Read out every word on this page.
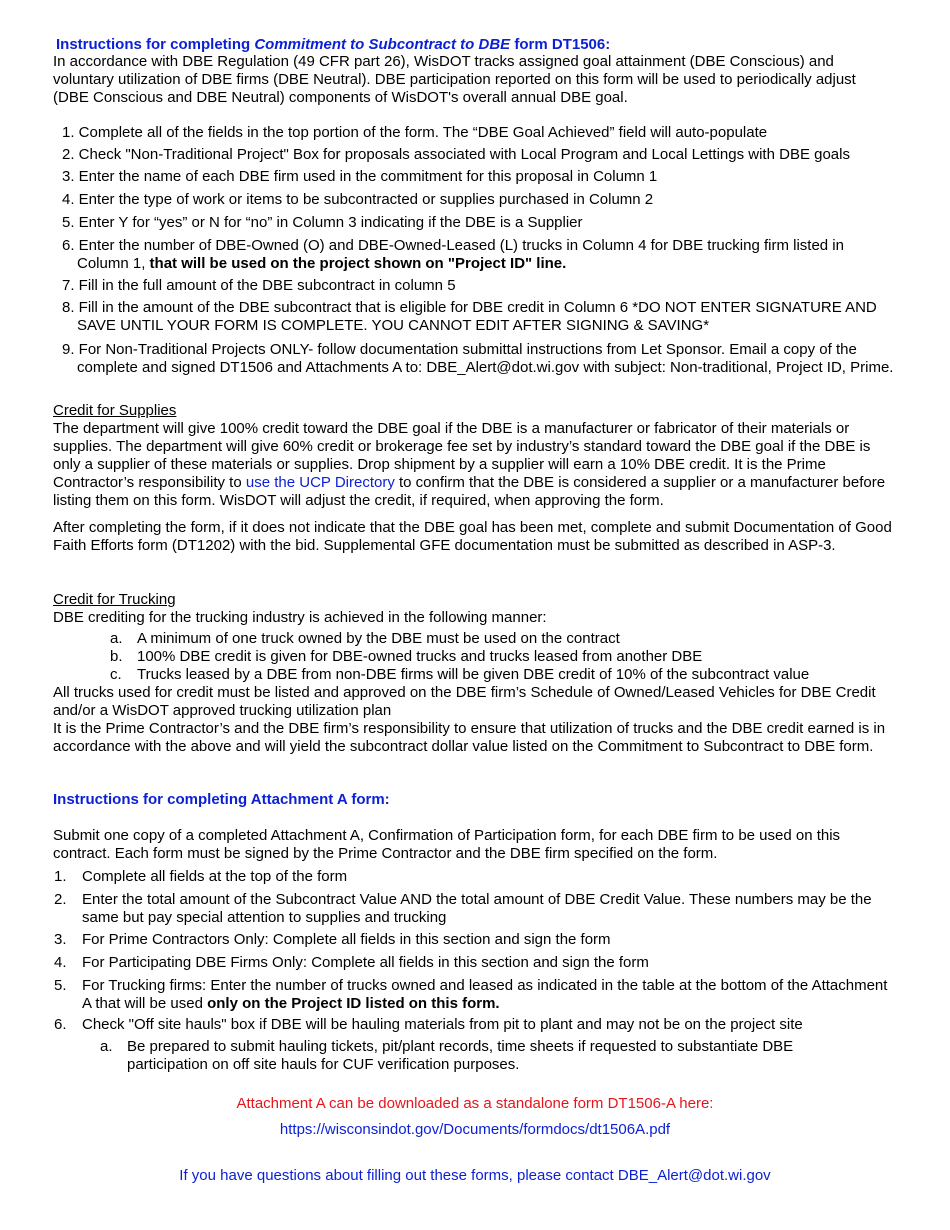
Instructions for completing Commitment to Subcontract to DBE form DT1506:

In accordance with DBE Regulation (49 CFR part 26), WisDOT tracks assigned goal attainment (DBE Conscious) and voluntary utilization of DBE firms (DBE Neutral). DBE participation reported on this form will be used to periodically adjust (DBE Conscious and DBE Neutral) components of WisDOT's overall annual DBE goal.

1. Complete all of the fields in the top portion of the form. The “DBE Goal Achieved” field will auto-populate
2. Check "Non-Traditional Project" Box for proposals associated with Local Program and Local Lettings with DBE goals
3. Enter the name of each DBE firm used in the commitment for this proposal in Column 1
4. Enter the type of work or items to be subcontracted or supplies purchased in Column 2
5. Enter Y for “yes” or N for “no” in Column 3 indicating if the DBE is a Supplier
6. Enter the number of DBE-Owned (O) and DBE-Owned-Leased (L) trucks in Column 4 for DBE trucking firm listed in Column 1, that will be used on the project shown on "Project ID" line.
7. Fill in the full amount of the DBE subcontract in column 5
8. Fill in the amount of the DBE subcontract that is eligible for DBE credit in Column 6 *DO NOT ENTER SIGNATURE AND SAVE UNTIL YOUR FORM IS COMPLETE. YOU CANNOT EDIT AFTER SIGNING & SAVING*
9. For Non-Traditional Projects ONLY- follow documentation submittal instructions from Let Sponsor. Email a copy of the complete and signed DT1506 and Attachments A to: DBE_Alert@dot.wi.gov with subject: Non-traditional, Project ID, Prime.
Credit for Supplies
The department will give 100% credit toward the DBE goal if the DBE is a manufacturer or fabricator of their materials or supplies. The department will give 60% credit or brokerage fee set by industry’s standard toward the DBE goal if the DBE is only a supplier of these materials or supplies. Drop shipment by a supplier will earn a 10% DBE credit. It is the Prime Contractor’s responsibility to use the UCP Directory to confirm that the DBE is considered a supplier or a manufacturer before listing them on this form. WisDOT will adjust the credit, if required, when approving the form.
After completing the form, if it does not indicate that the DBE goal has been met, complete and submit Documentation of Good Faith Efforts form (DT1202) with the bid. Supplemental GFE documentation must be submitted as described in ASP-3.
Credit for Trucking
DBE crediting for the trucking industry is achieved in the following manner:
a. A minimum of one truck owned by the DBE must be used on the contract
b. 100% DBE credit is given for DBE-owned trucks and trucks leased from another DBE
c. Trucks leased by a DBE from non-DBE firms will be given DBE credit of 10% of the subcontract value
All trucks used for credit must be listed and approved on the DBE firm’s Schedule of Owned/Leased Vehicles for DBE Credit and/or a WisDOT approved trucking utilization plan
It is the Prime Contractor’s and the DBE firm’s responsibility to ensure that utilization of trucks and the DBE credit earned is in accordance with the above and will yield the subcontract dollar value listed on the Commitment to Subcontract to DBE form.
Instructions for completing Attachment A form:
Submit one copy of a completed Attachment A, Confirmation of Participation form, for each DBE firm to be used on this contract. Each form must be signed by the Prime Contractor and the DBE firm specified on the form.
1. Complete all fields at the top of the form
2. Enter the total amount of the Subcontract Value AND the total amount of DBE Credit Value. These numbers may be the same but pay special attention to supplies and trucking
3. For Prime Contractors Only: Complete all fields in this section and sign the form
4. For Participating DBE Firms Only: Complete all fields in this section and sign the form
5. For Trucking firms: Enter the number of trucks owned and leased as indicated in the table at the bottom of the Attachment A that will be used only on the Project ID listed on this form.
6. Check "Off site hauls" box if DBE will be hauling materials from pit to plant and may not be on the project site
a. Be prepared to submit hauling tickets, pit/plant records, time sheets if requested to substantiate DBE participation on off site hauls for CUF verification purposes.
Attachment A can be downloaded as a standalone form DT1506-A here:
https://wisconsindot.gov/Documents/formdocs/dt1506A.pdf
If you have questions about filling out these forms, please contact DBE_Alert@dot.wi.gov
